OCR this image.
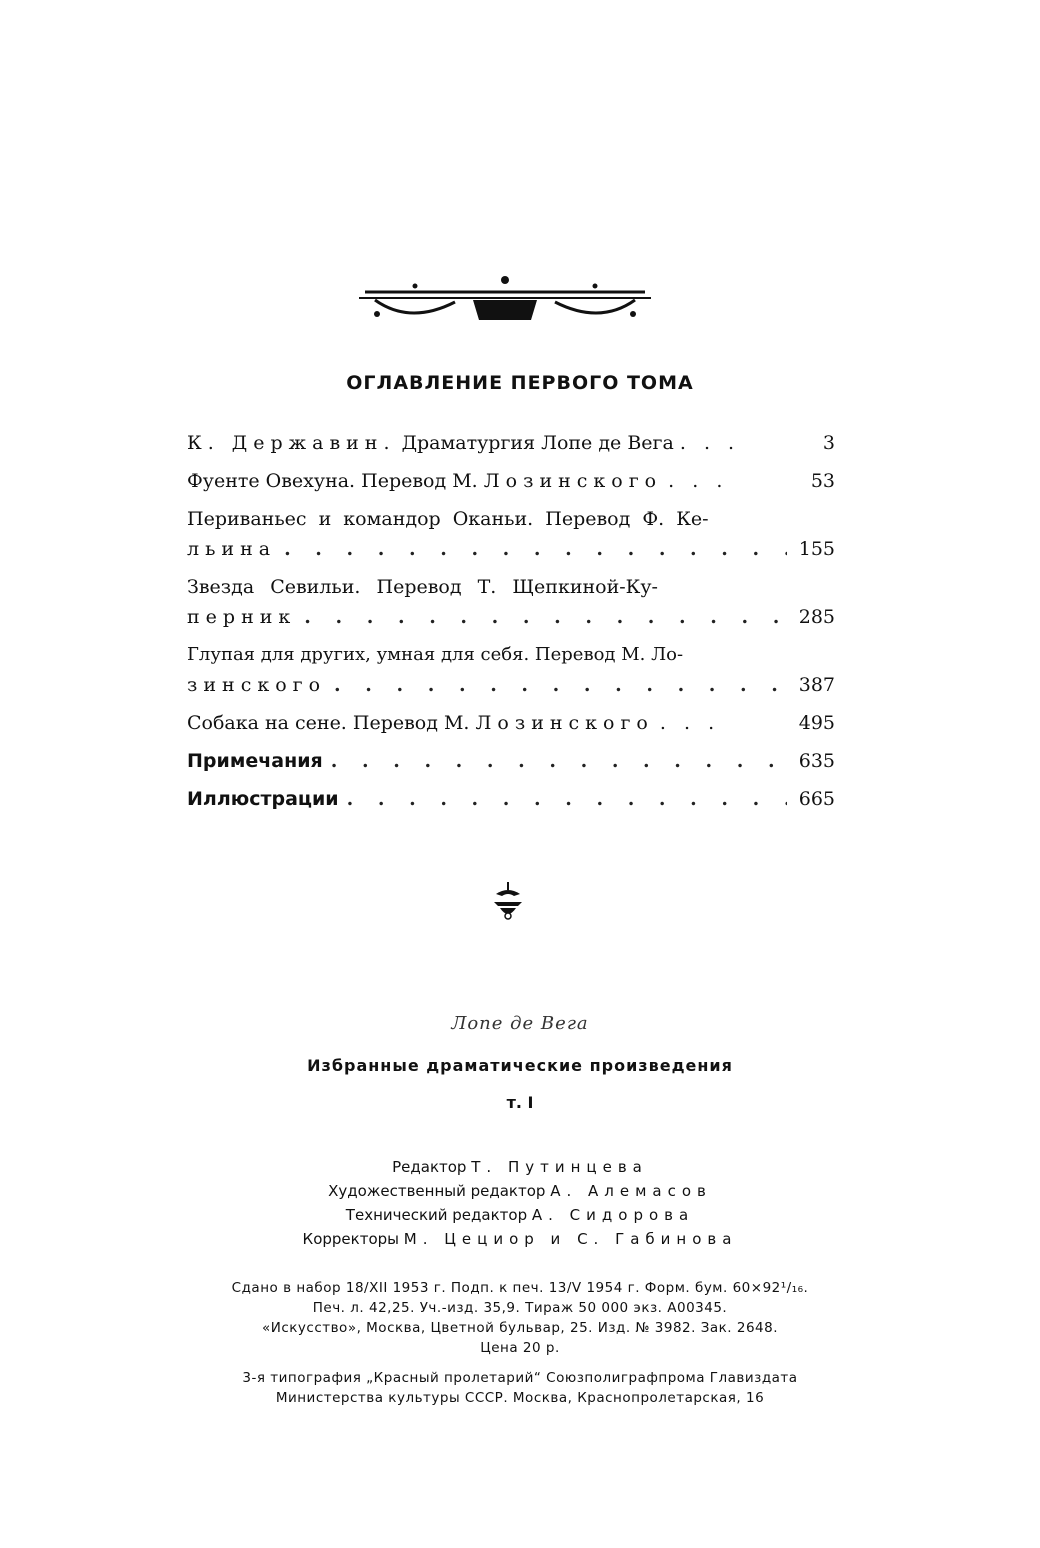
ОГЛАВЛЕНИЕ ПЕРВОГО ТОМА
К. Державин. Драматургия Лопе де Вега . . .	3
Фуенте Овехуна. Перевод М. Лозинского . . .	53
Периваньес и командор Оканьи. Перевод Ф. Ке-
льина . . .	155
Звезда Севильи. Перевод Т. Щепкиной-Ку-
перник . . .	285
Глупая для других, умная для себя. Перевод М. Ло-
зинского . . .	387
Собака на сене. Перевод М. Лозинского . . .	495
Примечания . . .	635
Иллюстрации . . .	665
Лопе де Вега
Избранные драматические произведения
т. I
Редактор Т. Путинцева
Художественный редактор А. Алемасов
Технический редактор А. Сидорова
Корректоры М. Цециор и С. Габинова
Сдано в набор 18/XII 1953 г. Подп. к печ. 13/V 1954 г. Форм. бум. 60×92¹/₁₆.
Печ. л. 42,25. Уч.-изд. 35,9. Тираж 50 000 экз. А00345.
«Искусство», Москва, Цветной бульвар, 25. Изд. № 3982. Зак. 2648.
Цена 20 р.
3-я типография „Красный пролетарий“ Союзполиграфпрома Главиздата
Министерства культуры СССР. Москва, Краснопролетарская, 16
